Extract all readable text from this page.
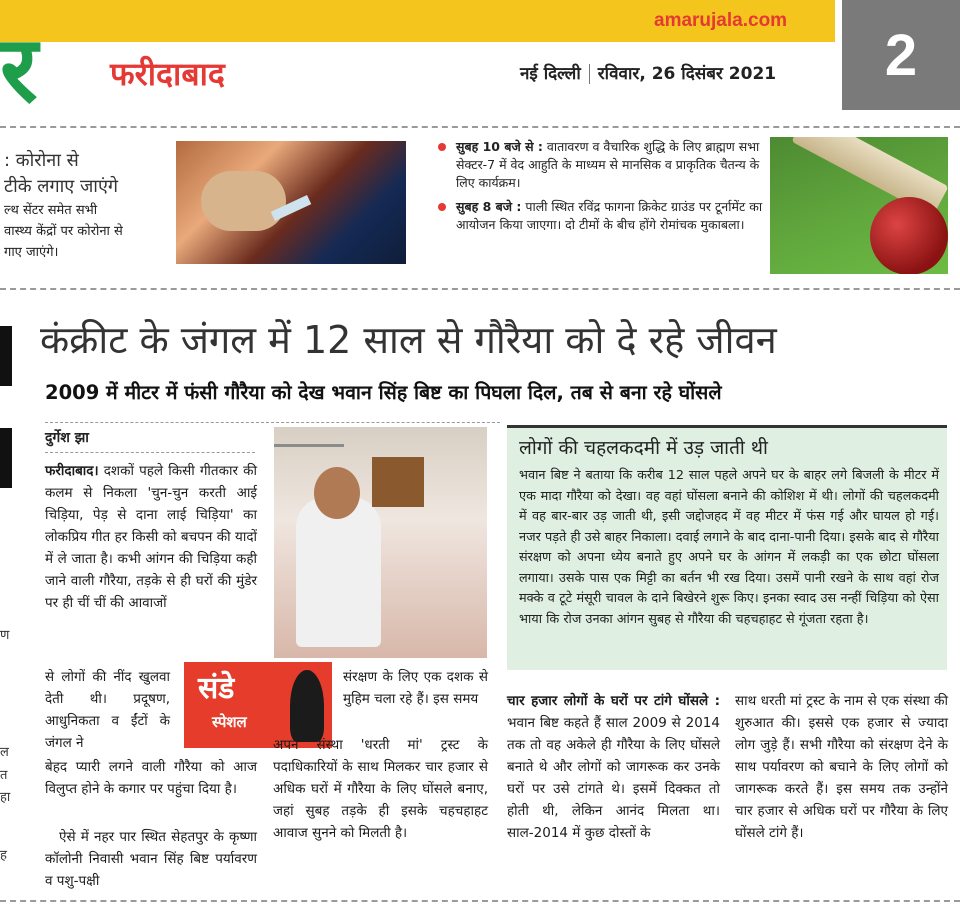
र	amarujala.com
2
फरीदाबाद	नई दिल्ली रविवार, 26 दिसंबर 2021
: कोरोना से
टीके लगाए जाएंगे
ल्थ सेंटर समेत सभी
वास्थ्य केंद्रों पर कोरोना से
गाए जाएंगे।
सुबह 10 बजे से : वातावरण व वैचारिक शुद्धि के लिए ब्राह्मण सभा सेक्टर-7 में वेद आहुति के माध्यम से मानसिक व प्राकृतिक चैतन्य के लिए कार्यक्रम।
सुबह 8 बजे : पाली स्थित रविंद्र फागना क्रिकेट ग्राउंड पर टूर्नामेंट का आयोजन किया जाएगा। दो टीमों के बीच होंगे रोमांचक मुकाबला।
ण
ल
त
हा
ह
कंक्रीट के जंगल में 12 साल से गौरैया को दे रहे जीवन
2009 में मीटर में फंसी गौरैया को देख भवान सिंह बिष्ट का पिघला दिल, तब से बना रहे घोंसले
दुर्गेश झा
फरीदाबाद। दशकों पहले किसी गीतकार की कलम से निकला 'चुन-चुन करती आई चिड़िया, पेड़ से दाना लाई चिड़िया' का लोकप्रिय गीत हर किसी को बचपन की यादों में ले जाता है। कभी आंगन की चिड़िया कही जाने वाली गौरैया, तड़के से ही घरों की मुंडेर पर ही चीं चीं की आवाजों
से लोगों की नींद खुलवा देती थी। प्रदूषण, आधुनिकता व ईंटों के जंगल ने
बेहद प्यारी लगने वाली गौरैया को आज विलुप्त होने के कगार पर पहुंचा दिया है।
ऐसे में नहर पार स्थित सेहतपुर के कृष्णा कॉलोनी निवासी भवान सिंह बिष्ट पर्यावरण व पशु-पक्षी
संडे
स्पेशल
संरक्षण के लिए एक दशक से मुहिम चला रहे हैं। इस समय
अपने संस्था 'धरती मां' ट्रस्ट के पदाधिकारियों के साथ मिलकर चार हजार से अधिक घरों में गौरैया के लिए घोंसले बनाए, जहां सुबह तड़के ही इसके चहचहाहट आवाज सुनने को मिलती है।
लोगों की चहलकदमी में उड़ जाती थी
भवान बिष्ट ने बताया कि करीब 12 साल पहले अपने घर के बाहर लगे बिजली के मीटर में एक मादा गौरैया को देखा। वह वहां घोंसला बनाने की कोशिश में थी। लोगों की चहलकदमी में वह बार-बार उड़ जाती थी, इसी जद्दोजहद में वह मीटर में फंस गई और घायल हो गई। नजर पड़ते ही उसे बाहर निकाला। दवाई लगाने के बाद दाना-पानी दिया। इसके बाद से गौरैया संरक्षण को अपना ध्येय बनाते हुए अपने घर के आंगन में लकड़ी का एक छोटा घोंसला लगाया। उसके पास एक मिट्टी का बर्तन भी रख दिया। उसमें पानी रखने के साथ वहां रोज मक्के व टूटे मंसूरी चावल के दाने बिखेरने शुरू किए। इनका स्वाद उस नन्हीं चिड़िया को ऐसा भाया कि रोज उनका आंगन सुबह से गौरैया की चहचहाहट से गूंजता रहता है।
चार हजार लोगों के घरों पर टांगे घोंसले : भवान बिष्ट कहते हैं साल 2009 से 2014 तक तो वह अकेले ही गौरैया के लिए घोंसले बनाते थे और लोगों को जागरूक कर उनके घरों पर उसे टांगते थे। इसमें दिक्कत तो होती थी, लेकिन आनंद मिलता था। साल-2014 में कुछ दोस्तों के
साथ धरती मां ट्रस्ट के नाम से एक संस्था की शुरुआत की। इससे एक हजार से ज्यादा लोग जुड़े हैं। सभी गौरैया को संरक्षण देने के साथ पर्यावरण को बचाने के लिए लोगों को जागरूक करते हैं। इस समय तक उन्होंने चार हजार से अधिक घरों पर गौरैया के लिए घोंसले टांगे हैं।
